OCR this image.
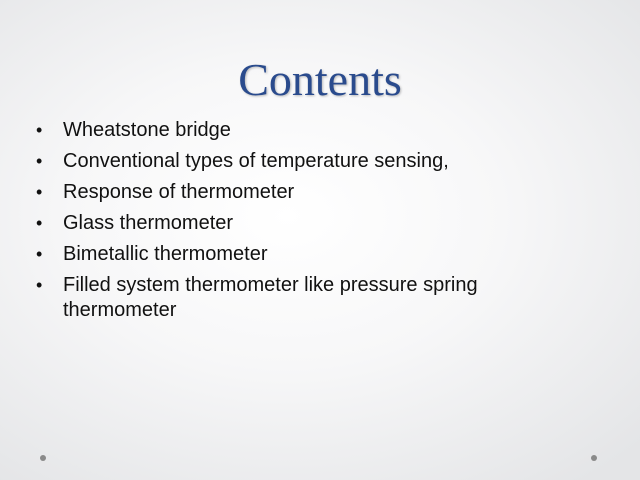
Contents
• Wheatstone bridge
• Conventional types of temperature sensing,
• Response of thermometer
• Glass thermometer
• Bimetallic thermometer
• Filled system thermometer like pressure spring thermometer
